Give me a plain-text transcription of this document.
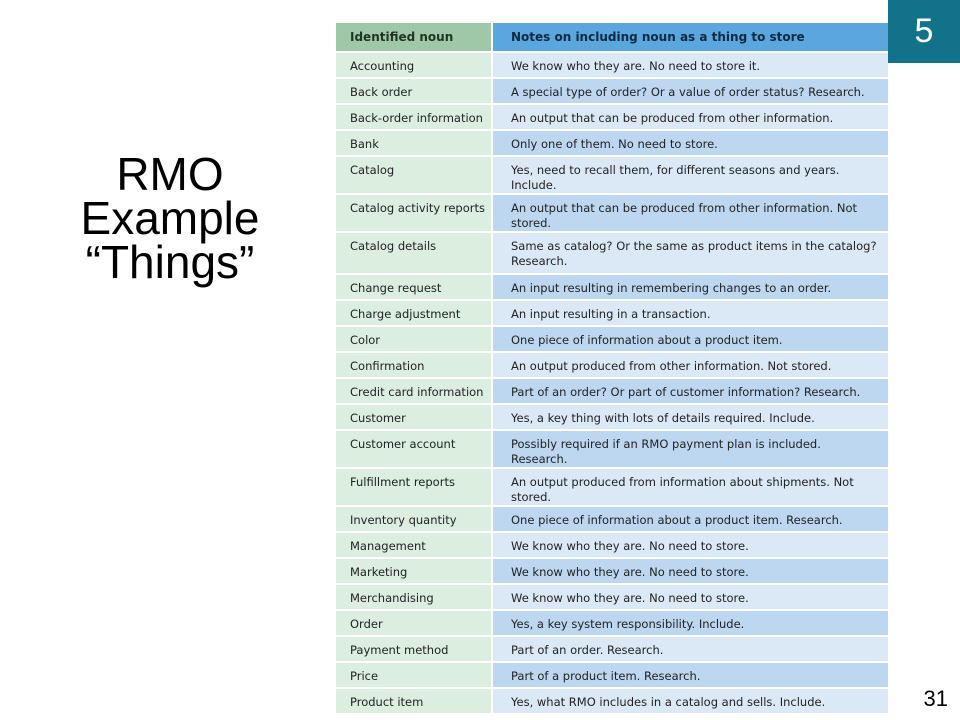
5
RMO
Example
“Things”
Identified noun	Notes on including noun as a thing to store

Accounting	We know who they are. No need to store it.

Back order	A special type of order? Or a value of order status? Research.

Back-order information	An output that can be produced from other information.

Bank	Only one of them. No need to store.

Catalog	Yes, need to recall them, for different seasons and years. Include.

Catalog activity reports	An output that can be produced from other information. Not stored.

Catalog details	Same as catalog? Or the same as product items in the catalog? Research.

Change request	An input resulting in remembering changes to an order.

Charge adjustment	An input resulting in a transaction.

Color	One piece of information about a product item.

Confirmation	An output produced from other information. Not stored.

Credit card information	Part of an order? Or part of customer information? Research.

Customer	Yes, a key thing with lots of details required. Include.

Customer account	Possibly required if an RMO payment plan is included. Research.

Fulfillment reports	An output produced from information about shipments. Not stored.

Inventory quantity	One piece of information about a product item. Research.

Management	We know who they are. No need to store.

Marketing	We know who they are. No need to store.

Merchandising	We know who they are. No need to store.

Order	Yes, a key system responsibility. Include.

Payment method	Part of an order. Research.

Price	Part of a product item. Research.

Product item	Yes, what RMO includes in a catalog and sells. Include.	31
